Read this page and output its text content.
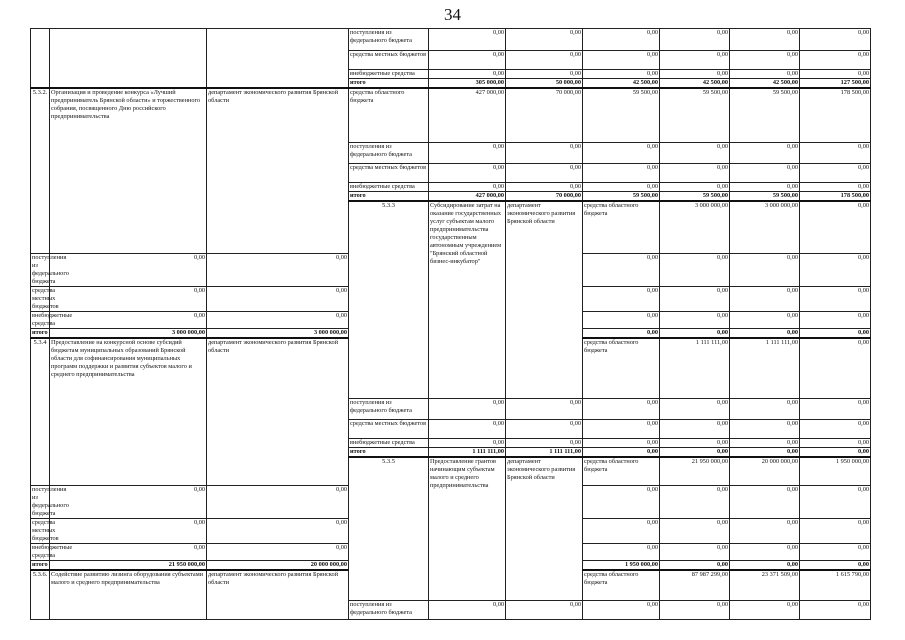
34
			поступления из федерального бюджета	0,00	0,00	0,00	0,00	0,00	0,00	
			средства местных бюджетов	0,00	0,00	0,00	0,00	0,00	0,00	
			внебюджетные средства	0,00	0,00	0,00	0,00	0,00	0,00	
			итого	305 000,00	50 000,00	42 500,00	42 500,00	42 500,00	127 500,00	
5.3.2.	Организация и проведение конкурса «Лучший предприниматель Брянской области» и торжественного собрания, посвященного Дню российского предпринимательства	департамент экономического развития Брянской области	средства областного бюджета	427 000,00	70 000,00	59 500,00	59 500,00	59 500,00	178 500,00	
			поступления из федерального бюджета	0,00	0,00	0,00	0,00	0,00	0,00	
			средства местных бюджетов	0,00	0,00	0,00	0,00	0,00	0,00	
			внебюджетные средства	0,00	0,00	0,00	0,00	0,00	0,00	
			итого	427 000,00	70 000,00	59 500,00	59 500,00	59 500,00	178 500,00	
			5.3.3	Субсидирование затрат на оказание государственных услуг субъектам малого предпринимательства государственным автономным учреждением "Брянский областной бизнес-инкубатор"	департамент экономического развития Брянской области	средства областного бюджета	3 000 000,00	3 000 000,00	0,00			
поступления из федерального бюджета	0,00	0,00				0,00	0,00	0,00	0,00	
средства местных бюджетов	0,00	0,00				0,00	0,00	0,00	0,00	
внебюджетные средства	0,00	0,00				0,00	0,00	0,00	0,00	
итого	3 000 000,00	3 000 000,00				0,00	0,00	0,00	0,00	
5.3.4	Предоставление на конкурсной основе субсидий бюджетам муниципальных образований Брянской области для софинансирования муниципальных программ поддержки и развития субъектов малого и среднего предпринимательства	департамент экономического развития Брянской области				средства областного бюджета	1 111 111,00	1 111 111,00	0,00			
			поступления из федерального бюджета	0,00	0,00	0,00	0,00	0,00	0,00	
			средства местных бюджетов	0,00	0,00	0,00	0,00	0,00	0,00	
			внебюджетные средства	0,00	0,00	0,00	0,00	0,00	0,00	
			итого	1 111 111,00	1 111 111,00	0,00	0,00	0,00	0,00	
			5.3.5	Предоставление грантов начинающим субъектам малого и среднего предпринимательства	департамент экономического развития Брянской области	средства областного бюджета	21 950 000,00	20 000 000,00	1 950 000,00			
поступления из федерального бюджета	0,00	0,00				0,00	0,00	0,00	0,00	
средства местных бюджетов	0,00	0,00				0,00	0,00	0,00	0,00	
внебюджетные средства	0,00	0,00				0,00	0,00	0,00	0,00	
итого	21 950 000,00	20 000 000,00				1 950 000,00	0,00	0,00	0,00	
5.3.6.	Содействие развитию лизинга оборудования субъектами малого и среднего предпринимательства	департамент экономического развития Брянской области				средства областного бюджета	87 987 299,00	23 371 509,00	1 615 790,00			
			поступления из федерального бюджета	0,00	0,00	0,00	0,00	0,00	0,00	
